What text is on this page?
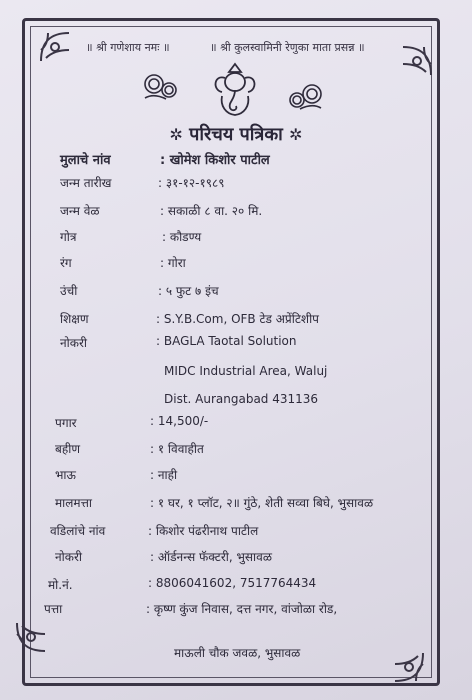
॥ श्री गणेशाय नमः ॥	॥ श्री कुलस्वामिनी रेणुका माता प्रसन्न ॥
✲ परिचय पत्रिका ✲
मुलाचे नांव	: खोमेश किशोर पाटील
जन्म तारीख	: ३१-१२-१९८९
जन्म वेळ	: सकाळी ८ वा. २० मि.
गोत्र	: कौडण्य
रंग	: गोरा
उंची	: ५ फुट ७ इंच
शिक्षण	: S.Y.B.Com, OFB टेड अप्रेंटिशीप
नोकरी	: BAGLA Taotal Solution
MIDC Industrial Area, Waluj
Dist. Aurangabad 431136
पगार	: 14,500/-
बहीण	: १ विवाहीत
भाऊ	: नाही
मालमत्ता	: १ घर, १ प्लॉट, २॥ गुंठे, शेती सव्वा बिघे, भुसावळ
वडिलांचे नांव	: किशोर पंढरीनाथ पाटील
नोकरी	: ऑर्डनन्स फॅक्टरी, भुसावळ
मो.नं.	: 8806041602, 7517764434
पत्ता	: कृष्ण कुंज निवास, दत्त नगर, वांजोळा रोड,
माऊली चौक जवळ, भुसावळ
